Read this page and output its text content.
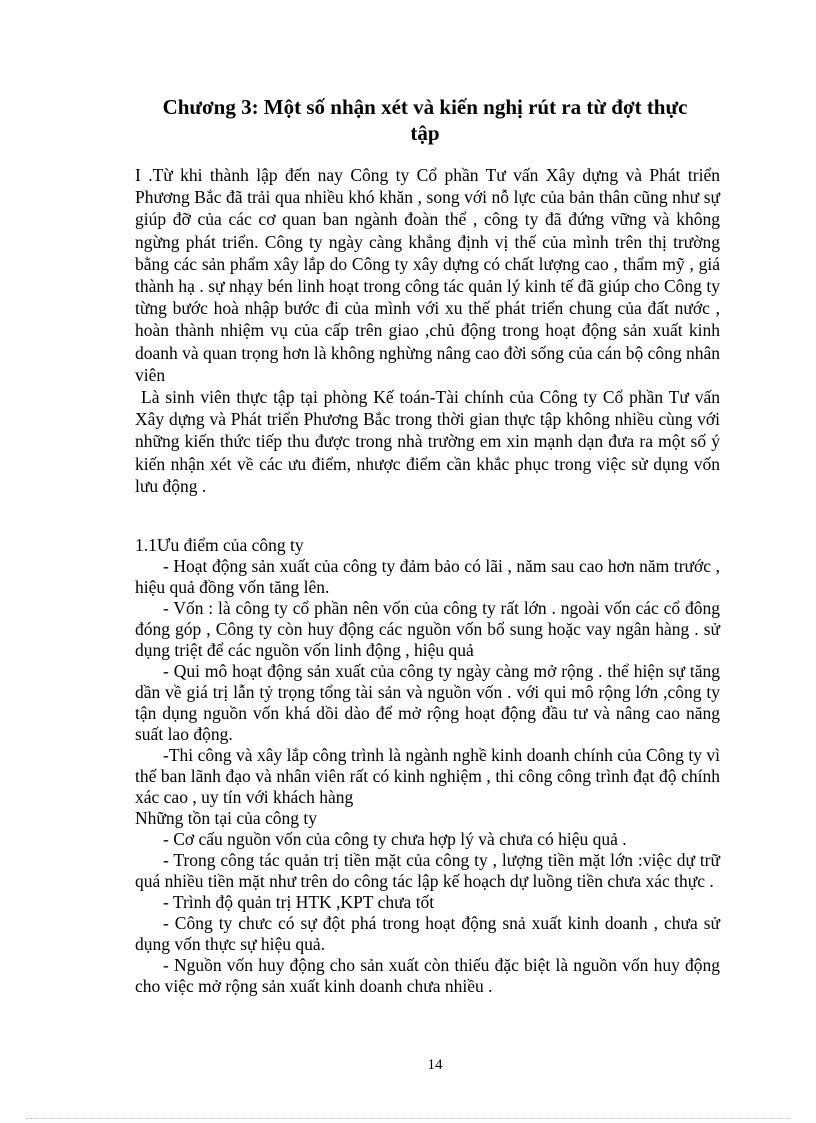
Chương 3: Một số nhận xét và kiến nghị rút ra từ đợt thực
tập

I .Từ khi thành lập đến nay Công ty Cổ phần Tư vấn Xây dựng và Phát triển Phương Bắc đã trải qua nhiều khó khăn , song với nỗ lực của bản thân cũng như sự giúp đỡ của các cơ quan ban ngành đoàn thể , công ty đã đứng vững và không ngừng phát triển. Công ty ngày càng khẳng định vị thế của mình trên thị trường bằng các sản phẩm xây lắp do Công ty xây dựng có chất lượng cao , thẩm mỹ , giá thành hạ . sự nhạy bén linh hoạt trong công tác quản lý kinh tế đã giúp cho Công ty từng bước hoà nhập bước đi của mình với xu thế phát triển chung của đất nước , hoàn thành nhiệm vụ của cấp trên giao ,chủ động trong hoạt động sản xuất kinh doanh và quan trọng hơn là không nghừng nâng cao đời sống của cán bộ công nhân viên

Là sinh viên thực tập tại phòng Kế toán-Tài chính của Công ty Cổ phần Tư vấn Xây dựng và Phát triển Phương Bắc trong thời gian thực tập không nhiều cùng với những kiến thức tiếp thu được trong nhà trường em xin mạnh dạn đưa ra một số ý kiến nhận xét về các ưu điểm, nhược điểm cần khắc phục trong việc sử dụng vốn lưu động .

1.1Ưu điểm của công ty

- Hoạt động sản xuất của công ty đảm bảo có lãi , năm sau cao hơn năm trước , hiệu quả đồng vốn tăng lên.

- Vốn : là công ty cổ phần nên vốn của công ty rất lớn . ngoài vốn các cổ đông đóng góp , Công ty còn huy động các nguồn vốn bổ sung hoặc vay ngân hàng . sử dụng triệt để các nguồn vốn linh động , hiệu quả

- Qui mô hoạt động sản xuất của công ty ngày càng mở rộng . thể hiện sự tăng dần về giá trị lẫn tỷ trọng tổng tài sản và nguồn vốn . với qui mô rộng lớn ,công ty tận dụng nguồn vốn khá dồi dào để mở rộng hoạt động đầu tư và nâng cao năng suất lao động.

-Thi công và xây lắp công trình là ngành nghề kinh doanh chính của Công ty vì thế ban lãnh đạo và nhân viên rất có kinh nghiệm , thi công công trình đạt độ chính xác cao , uy tín với khách hàng

Những tồn tại của công ty

- Cơ cấu nguồn vốn của công ty chưa hợp lý và chưa có hiệu quả .

- Trong công tác quản trị tiền mặt của công ty , lượng tiền mặt lớn :việc dự trữ quá nhiều tiền mặt như trên do công tác lập kế hoạch dự luồng tiền chưa xác thực .

- Trình độ quản trị HTK ,KPT chưa tốt

- Công ty chưc có sự đột phá trong hoạt động snả xuất kinh doanh , chưa sử dụng vốn thực sự hiệu quả.

- Nguồn vốn huy động cho sản xuất còn thiếu đặc biệt là nguồn vốn huy động cho việc mở rộng sản xuất kinh doanh chưa nhiều .

14
